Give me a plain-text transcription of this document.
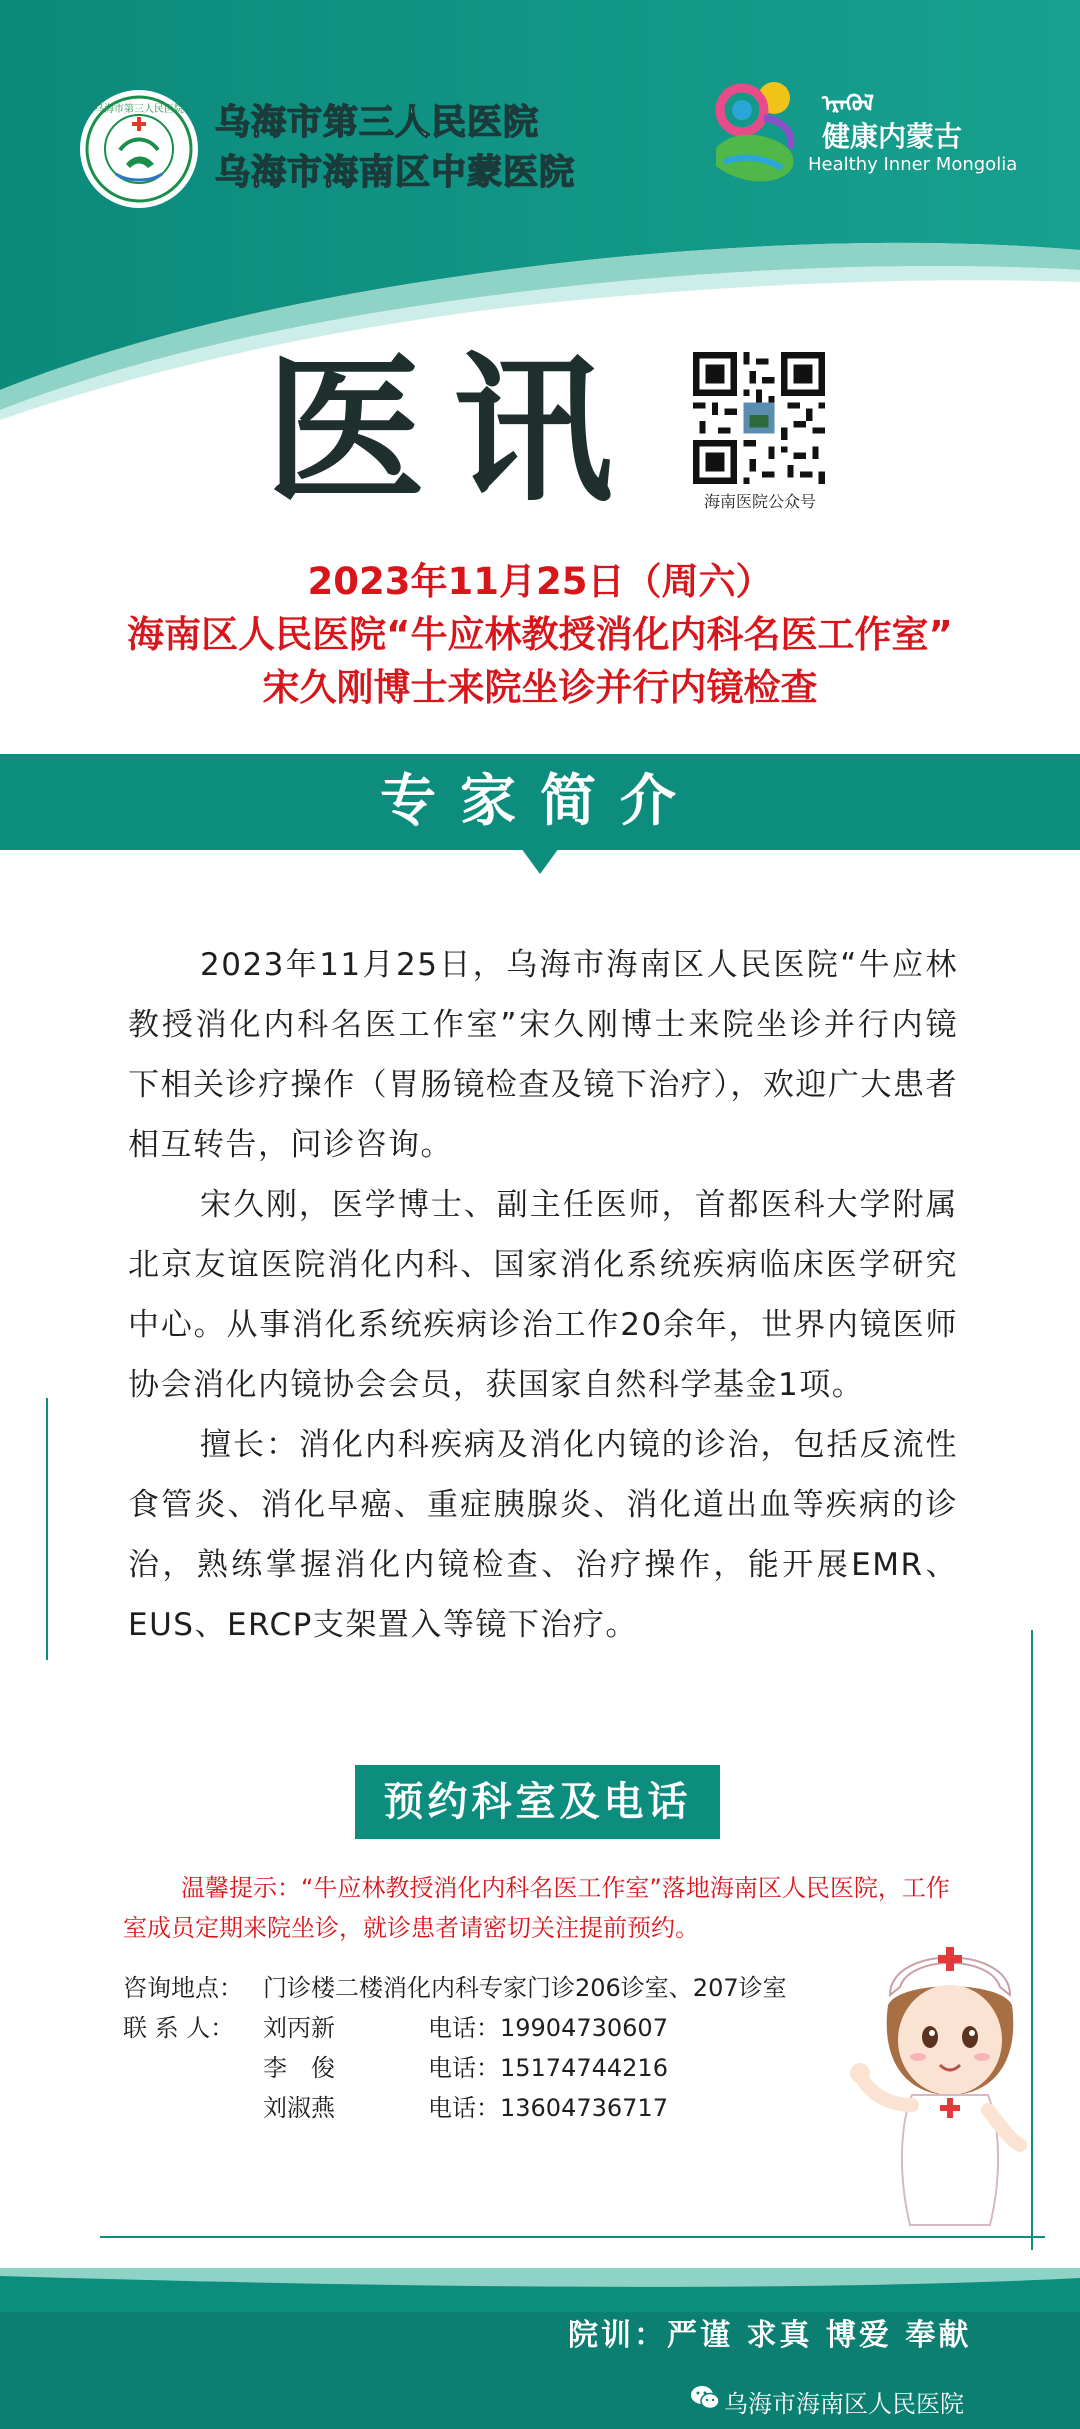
乌海市第三人民医院 乌海市第三人民医院
乌海市海南区中蒙医院
ᠡᠷᠡᠭᠦᠯ
健康内蒙古
Healthy Inner Mongolia
医讯	海南医院公众号
2023年11月25日（周六）
海南区人民医院“牛应林教授消化内科名医工作室”
宋久刚博士来院坐诊并行内镜检查
专家简介

2023年11月25日，乌海市海南区人民医院“牛应林教授消化内科名医工作室”宋久刚博士来院坐诊并行内镜下相关诊疗操作（胃肠镜检查及镜下治疗），欢迎广大患者相互转告，问诊咨询。

宋久刚，医学博士、副主任医师，首都医科大学附属北京友谊医院消化内科、国家消化系统疾病临床医学研究中心。从事消化系统疾病诊治工作20余年，世界内镜医师协会消化内镜协会会员，获国家自然科学基金1项。

擅长：消化内科疾病及消化内镜的诊治，包括反流性食管炎、消化早癌、重症胰腺炎、消化道出血等疾病的诊治，熟练掌握消化内镜检查、治疗操作，能开展EMR、EUS、ERCP支架置入等镜下治疗。

预约科室及电话

温馨提示：“牛应林教授消化内科名医工作室”落地海南区人民医院，工作室成员定期来院坐诊，就诊患者请密切关注提前预约。

咨询地点： 门诊楼二楼消化内科专家门诊206诊室、207诊室
联 系 人： 刘丙新	电话：19904730607
李　俊	电话：15174744216
刘淑燕	电话：13604736717
院训：严谨 求真 博爱 奉献
乌海市海南区人民医院
